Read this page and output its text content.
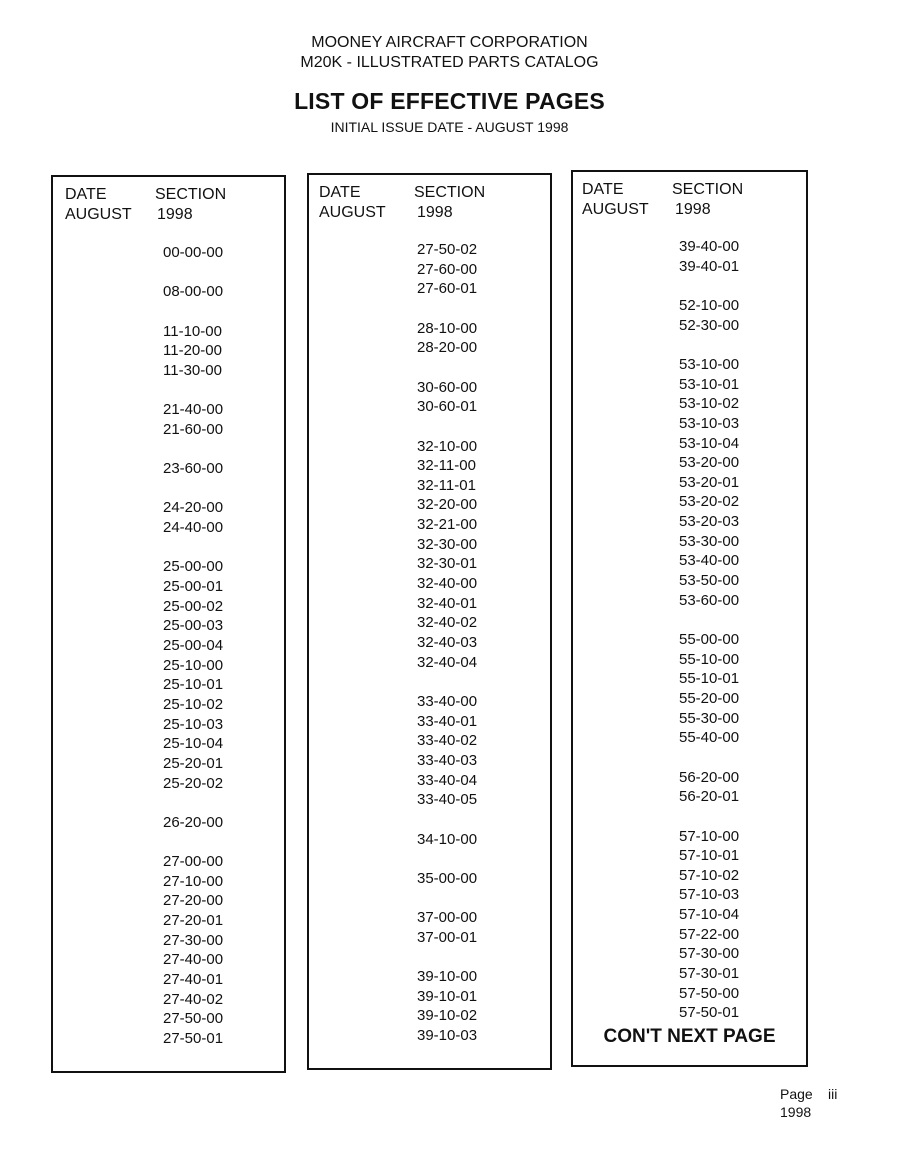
MOONEY AIRCRAFT CORPORATION
M20K - ILLUSTRATED PARTS CATALOG
LIST OF EFFECTIVE PAGES
INITIAL ISSUE DATE - AUGUST 1998
DATE	SECTION
AUGUST 1998
00-00-00
08-00-00
11-10-00
11-20-00
11-30-00
21-40-00
21-60-00
23-60-00
24-20-00
24-40-00
25-00-00
25-00-01
25-00-02
25-00-03
25-00-04
25-10-00
25-10-01
25-10-02
25-10-03
25-10-04
25-20-01
25-20-02
26-20-00
27-00-00
27-10-00
27-20-00
27-20-01
27-30-00
27-40-00
27-40-01
27-40-02
27-50-00
27-50-01
DATE	SECTION
AUGUST 1998
27-50-02
27-60-00
27-60-01
28-10-00
28-20-00
30-60-00
30-60-01
32-10-00
32-11-00
32-11-01
32-20-00
32-21-00
32-30-00
32-30-01
32-40-00
32-40-01
32-40-02
32-40-03
32-40-04
33-40-00
33-40-01
33-40-02
33-40-03
33-40-04
33-40-05
34-10-00
35-00-00
37-00-00
37-00-01
39-10-00
39-10-01
39-10-02
39-10-03
DATE	SECTION
AUGUST 1998
39-40-00
39-40-01
52-10-00
52-30-00
53-10-00
53-10-01
53-10-02
53-10-03
53-10-04
53-20-00
53-20-01
53-20-02
53-20-03
53-30-00
53-40-00
53-50-00
53-60-00
55-00-00
55-10-00
55-10-01
55-20-00
55-30-00
55-40-00
56-20-00
56-20-01
57-10-00
57-10-01
57-10-02
57-10-03
57-10-04
57-22-00
57-30-00
57-30-01
57-50-00
57-50-01
CON'T NEXT PAGE
Page iii
1998
